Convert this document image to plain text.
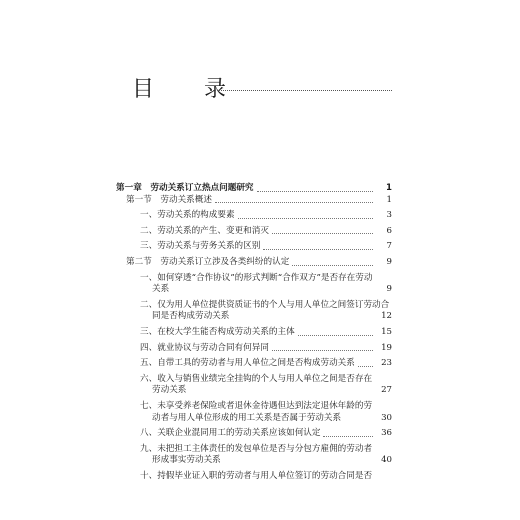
目　录
第一章　劳动关系订立热点问题研究	1
第一节　劳动关系概述	1
一、劳动关系的构成要素	3
二、劳动关系的产生、变更和消灭	6
三、劳动关系与劳务关系的区别	7
第二节　劳动关系订立涉及各类纠纷的认定	9
一、如何穿透“合作协议”的形式判断“合作双方”是否存在劳动
关系	9
二、仅为用人单位提供资质证书的个人与用人单位之间签订劳动合
同是否构成劳动关系	12
三、在校大学生能否构成劳动关系的主体	15
四、就业协议与劳动合同有何异同	19
五、自带工具的劳动者与用人单位之间是否构成劳动关系	23
六、收入与销售业绩完全挂钩的个人与用人单位之间是否存在
劳动关系	27
七、未享受养老保险或者退休金待遇但达到法定退休年龄的劳
动者与用人单位形成的用工关系是否属于劳动关系	30
八、关联企业混同用工的劳动关系应该如何认定	36
九、未把担工主体责任的发包单位是否与分包方雇佣的劳动者
形成事实劳动关系	40
十、持假毕业证入职的劳动者与用人单位签订的劳动合同是否
